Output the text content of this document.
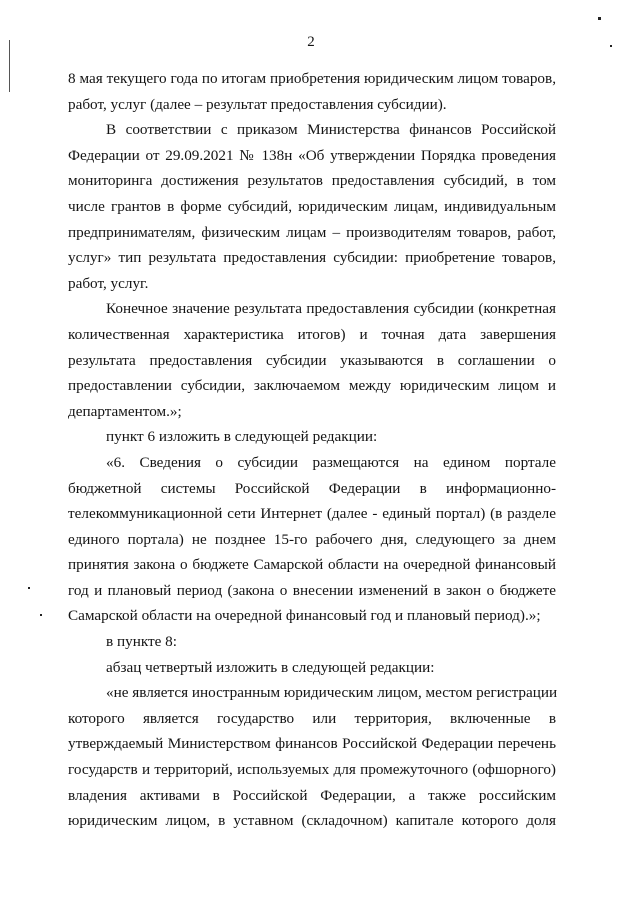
2

8 мая текущего года по итогам приобретения юридическим лицом товаров,
работ, услуг (далее – результат предоставления субсидии).

В соответствии с приказом Министерства финансов Российской
Федерации от 29.09.2021 № 138н «Об утверждении Порядка проведения
мониторинга достижения результатов предоставления субсидий, в том
числе грантов в форме субсидий, юридическим лицам, индивидуальным
предпринимателям, физическим лицам – производителям товаров, работ,
услуг» тип результата предоставления субсидии: приобретение товаров,
работ, услуг.

Конечное значение результата предоставления субсидии (конкретная
количественная характеристика итогов) и точная дата завершения
результата предоставления субсидии указываются в соглашении о
предоставлении субсидии, заключаемом между юридическим лицом и
департаментом.»;

пункт 6 изложить в следующей редакции:

«6. Сведения о субсидии размещаются на едином портале
бюджетной системы Российской Федерации в информационно-
телекоммуникационной сети Интернет (далее - единый портал) (в разделе
единого портала) не позднее 15-го рабочего дня, следующего за днем
принятия закона о бюджете Самарской области на очередной финансовый
год и плановый период (закона о внесении изменений в закон о бюджете
Самарской области на очередной финансовый год и плановый период).»;

в пункте 8:

абзац четвертый изложить в следующей редакции:

«не является иностранным юридическим лицом, местом регистрации
которого является государство или территория, включенные в
утверждаемый Министерством финансов Российской Федерации перечень
государств и территорий, используемых для промежуточного (офшорного)
владения активами в Российской Федерации, а также российским
юридическим лицом, в уставном (складочном) капитале которого доля
